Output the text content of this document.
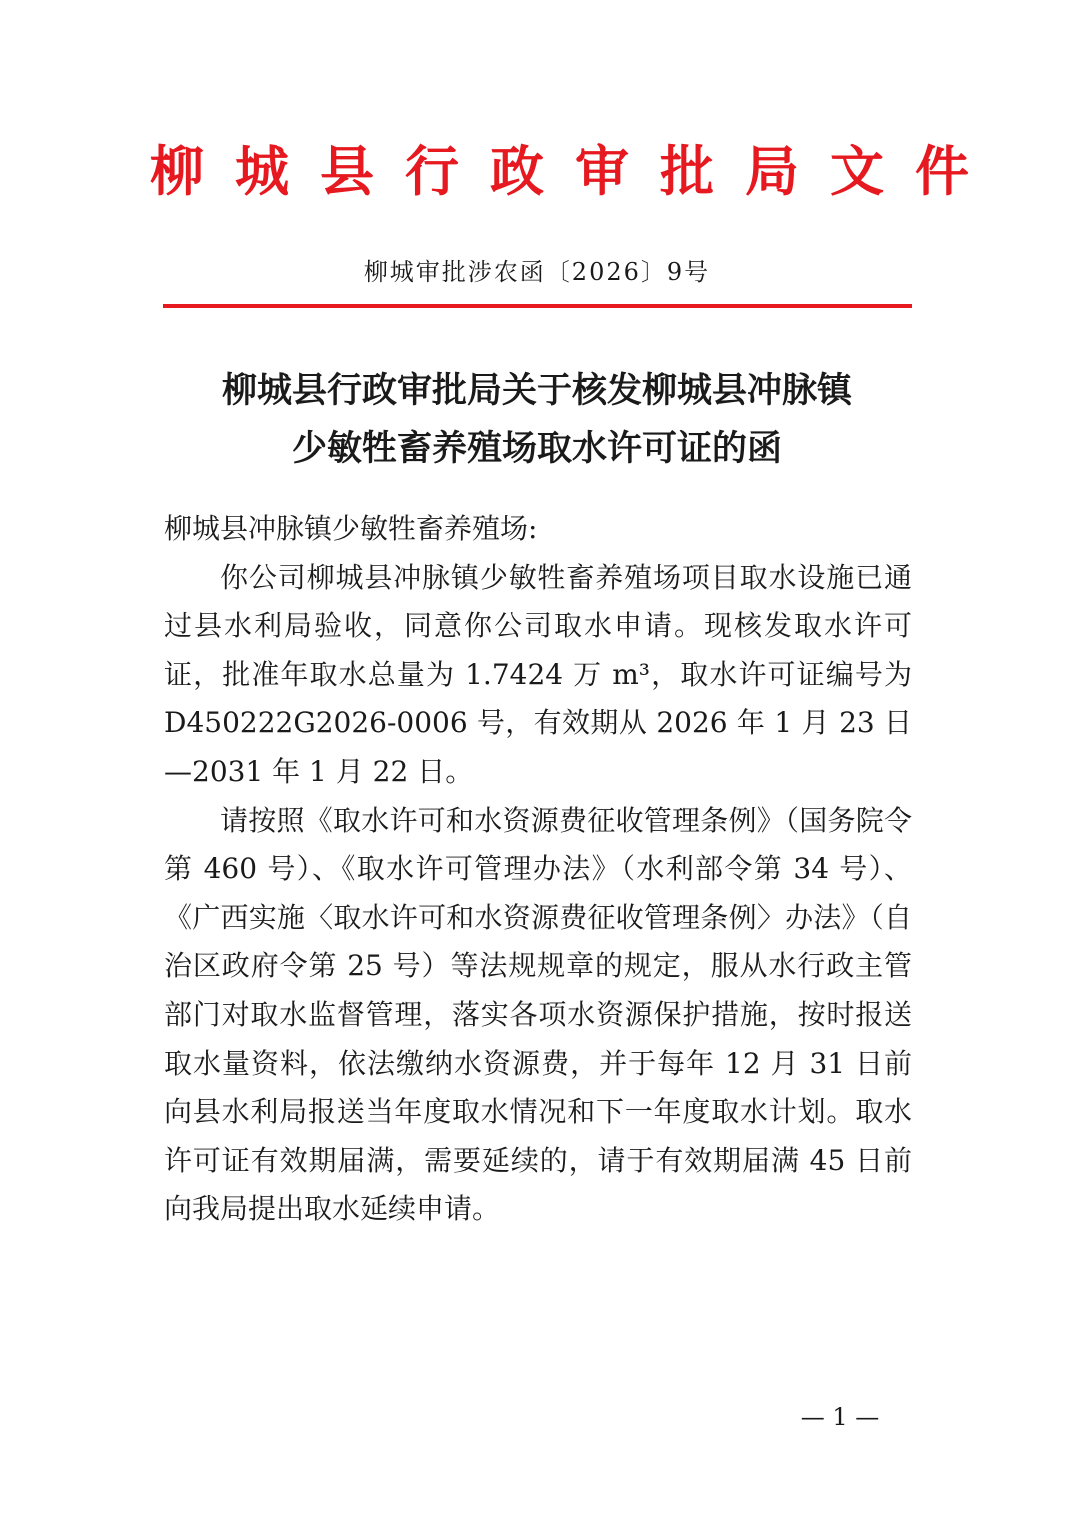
柳城县行政审批局文件
柳城审批涉农函〔2026〕9号
柳城县行政审批局关于核发柳城县冲脉镇
少敏牲畜养殖场取水许可证的函

柳城县冲脉镇少敏牲畜养殖场:

你公司柳城县冲脉镇少敏牲畜养殖场项目取水设施已通过县水利局验收，同意你公司取水申请。现核发取水许可证，批准年取水总量为 1.7424 万 m³，取水许可证编号为D450222G2026-0006 号，有效期从 2026 年 1 月 23 日—2031 年 1 月 22 日。

请按照《取水许可和水资源费征收管理条例》（国务院令第 460 号）、《取水许可管理办法》（水利部令第 34 号）、《广西实施〈取水许可和水资源费征收管理条例〉办法》（自治区政府令第 25 号）等法规规章的规定，服从水行政主管部门对取水监督管理，落实各项水资源保护措施，按时报送取水量资料，依法缴纳水资源费，并于每年 12 月 31 日前向县水利局报送当年度取水情况和下一年度取水计划。取水许可证有效期届满，需要延续的，请于有效期届满 45 日前向我局提出取水延续申请。

— 1 —
